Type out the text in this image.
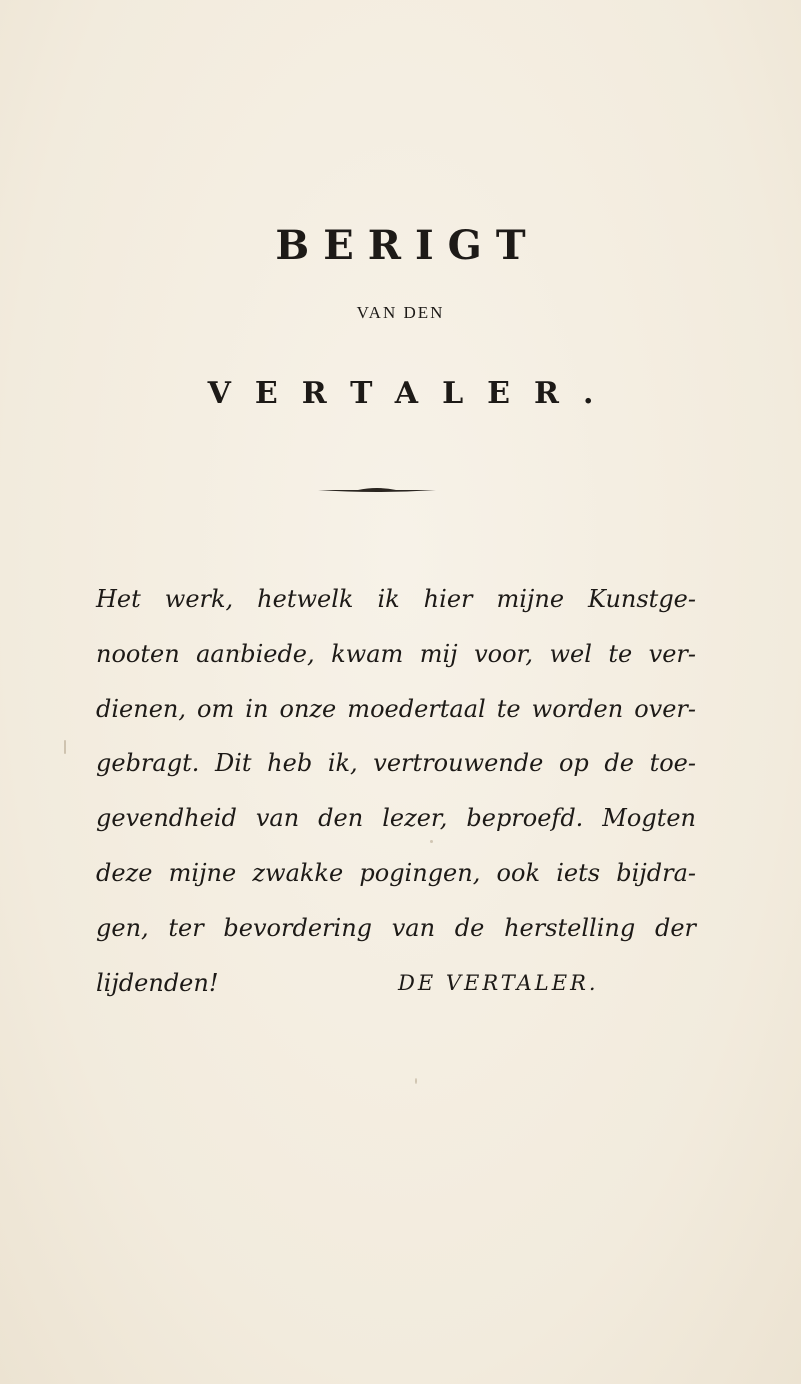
BERIGT
VAN DEN
VERTALER.
Het werk, hetwelk ik hier mijne Kunstge-
nooten aanbiede, kwam mij voor, wel te ver-
dienen, om in onze moedertaal te worden over-
gebragt. Dit heb ik, vertrouwende op de toe-
gevendheid van den lezer, beproefd. Mogten
deze mijne zwakke pogingen, ook iets bijdra-
gen, ter bevordering van de herstelling der
lijdenden!	DE VERTALER.
